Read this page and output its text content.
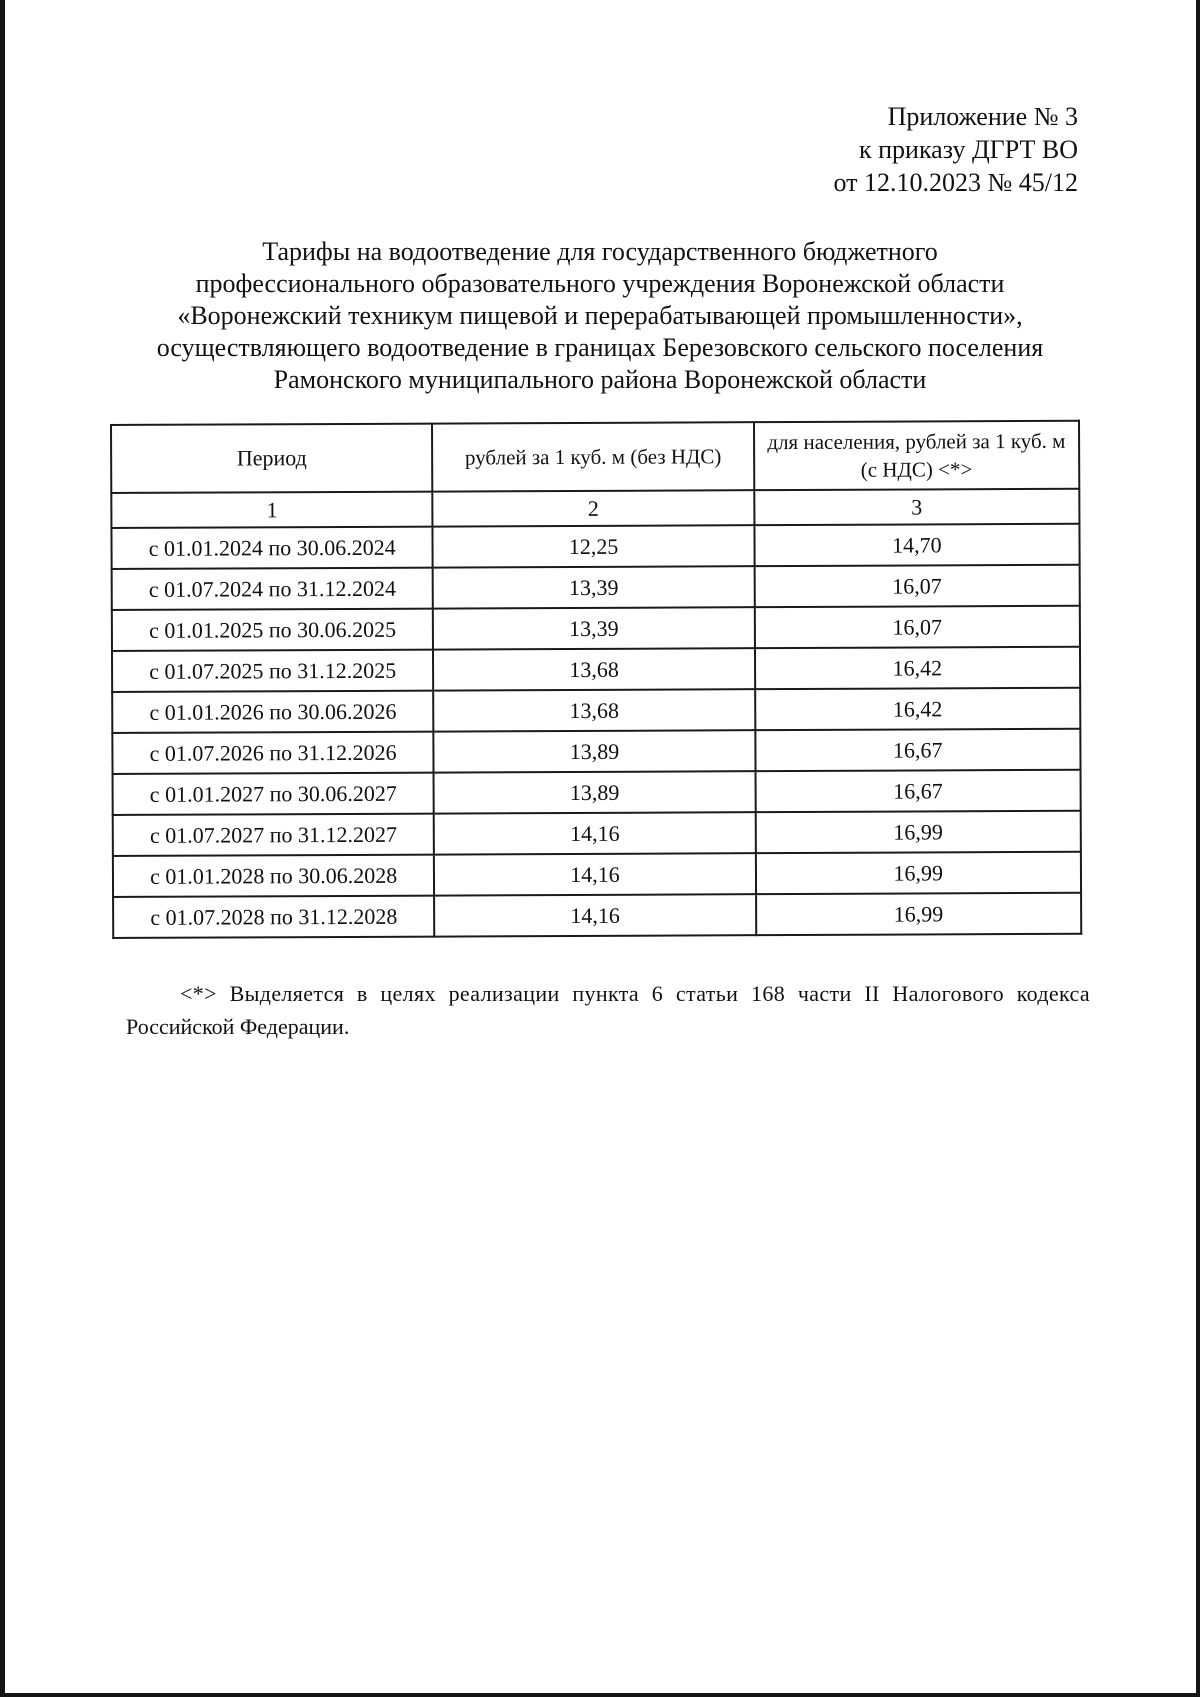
Приложение № 3
к приказу ДГРТ ВО
от 12.10.2023 № 45/12
Тарифы на водоотведение для государственного бюджетного
профессионального образовательного учреждения Воронежской области
«Воронежский техникум пищевой и перерабатывающей промышленности»,
осуществляющего водоотведение в границах Березовского сельского поселения
Рамонского муниципального района Воронежской области
Период	рублей за 1 куб. м (без НДС)	для населения, рублей за 1 куб. м (с НДС) <*>
1	2	3
с 01.01.2024 по 30.06.2024	12,25	14,70
с 01.07.2024 по 31.12.2024	13,39	16,07
с 01.01.2025 по 30.06.2025	13,39	16,07
с 01.07.2025 по 31.12.2025	13,68	16,42
с 01.01.2026 по 30.06.2026	13,68	16,42
с 01.07.2026 по 31.12.2026	13,89	16,67
с 01.01.2027 по 30.06.2027	13,89	16,67
с 01.07.2027 по 31.12.2027	14,16	16,99
с 01.01.2028 по 30.06.2028	14,16	16,99
с 01.07.2028 по 31.12.2028	14,16	16,99
<*> Выделяется в целях реализации пункта 6 статьи 168 части II Налогового кодекса
Российской Федерации.
